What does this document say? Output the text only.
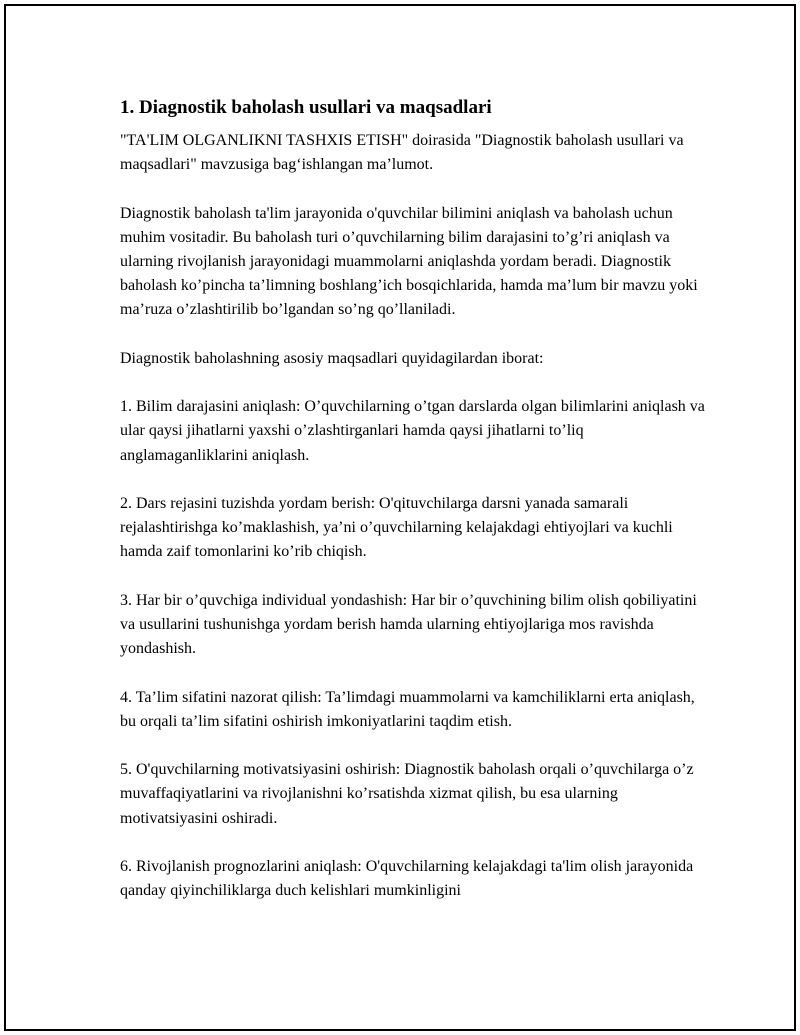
1. Diagnostik baholash usullari va maqsadlari

"TA'LIM OLGANLIKNI TASHXIS ETISH" doirasida "Diagnostik baholash usullari va maqsadlari" mavzusiga bag‘ishlangan ma’lumot.

Diagnostik baholash ta'lim jarayonida o'quvchilar bilimini aniqlash va baholash uchun muhim vositadir. Bu baholash turi o’quvchilarning bilim darajasini to’g’ri aniqlash va ularning rivojlanish jarayonidagi muammolarni aniqlashda yordam beradi. Diagnostik baholash ko’pincha ta’limning boshlang’ich bosqichlarida, hamda ma’lum bir mavzu yoki ma’ruza o’zlashtirilib bo’lgandan so’ng qo’llaniladi.

Diagnostik baholashning asosiy maqsadlari quyidagilardan iborat:

1. Bilim darajasini aniqlash: O’quvchilarning o’tgan darslarda olgan bilimlarini aniqlash va ular qaysi jihatlarni yaxshi o’zlashtirganlari hamda qaysi jihatlarni to’liq anglamaganliklarini aniqlash.

2. Dars rejasini tuzishda yordam berish: O'qituvchilarga darsni yanada samarali rejalashtirishga ko’maklashish, ya’ni o’quvchilarning kelajakdagi ehtiyojlari va kuchli hamda zaif tomonlarini ko’rib chiqish.

3. Har bir o’quvchiga individual yondashish: Har bir o’quvchining bilim olish qobiliyatini va usullarini tushunishga yordam berish hamda ularning ehtiyojlariga mos ravishda yondashish.

4. Ta’lim sifatini nazorat qilish: Ta’limdagi muammolarni va kamchiliklarni erta aniqlash, bu orqali ta’lim sifatini oshirish imkoniyatlarini taqdim etish.

5. O'quvchilarning motivatsiyasini oshirish: Diagnostik baholash orqali o’quvchilarga o’z muvaffaqiyatlarini va rivojlanishni ko’rsatishda xizmat qilish, bu esa ularning motivatsiyasini oshiradi.

6. Rivojlanish prognozlarini aniqlash: O'quvchilarning kelajakdagi ta'lim olish jarayonida qanday qiyinchiliklarga duch kelishlari mumkinligini
